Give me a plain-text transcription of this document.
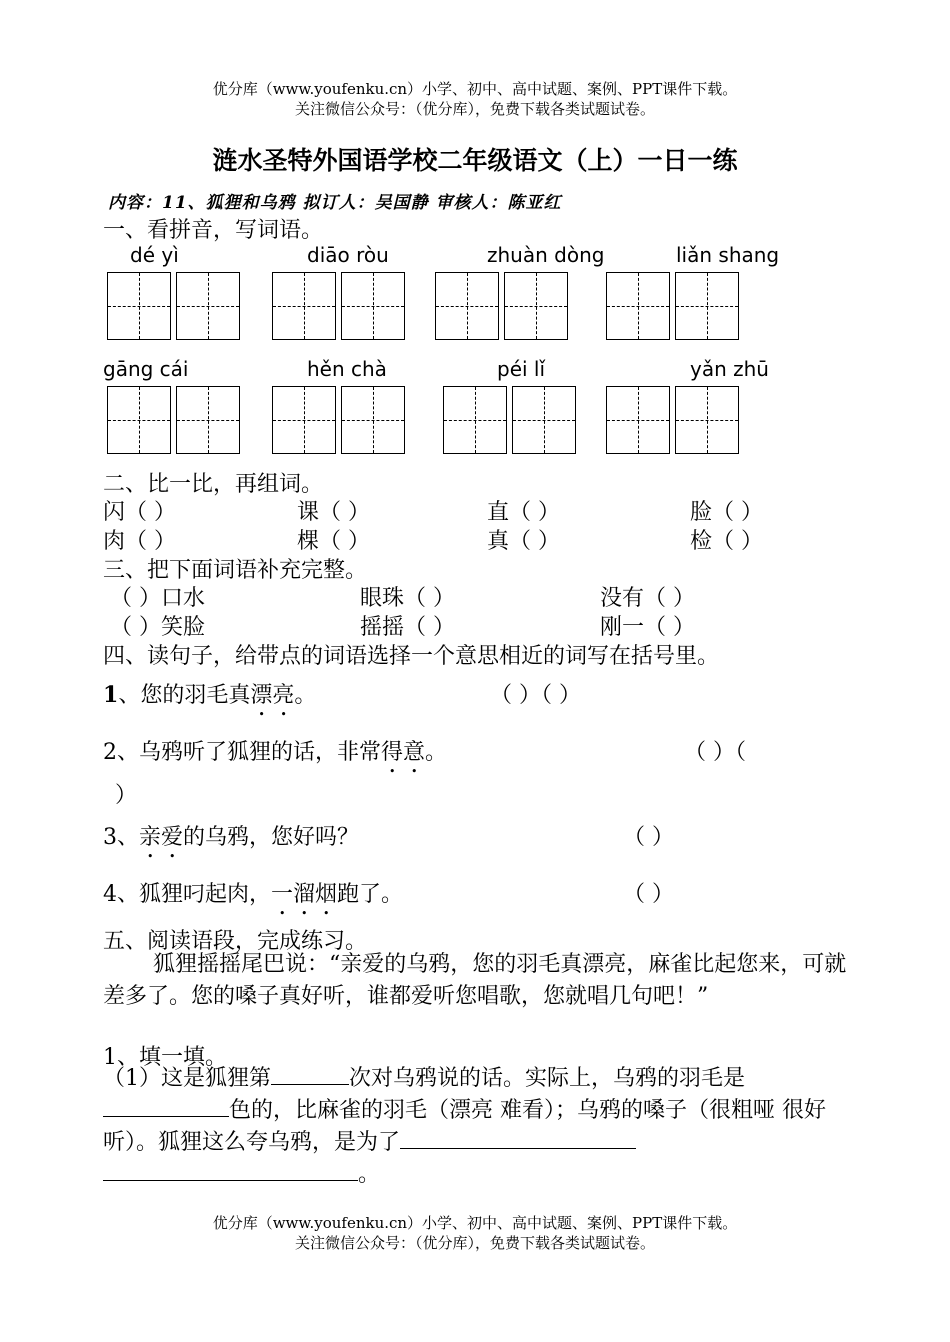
优分库（www.youfenku.cn）小学、初中、高中试题、案例、PPT课件下载。
关注微信公众号：（优分库），免费下载各类试题试卷。
涟水圣特外国语学校二年级语文（上）一日一练
内容：11、狐狸和乌鸦 拟订人：吴国静 审核人：陈亚红
一、看拼音，写词语。
dé yì	diāo ròu	zhuàn dòng	liǎn shang
gāng cái	hěn chà	péi lǐ	yǎn zhū
二、比一比，再组词。
闪（ ）	课（ ）	直（ ）	脸（ ）
肉（ ）	棵（ ）	真（ ）	检（ ）
三、把下面词语补充完整。
（ ）口水	眼珠（ ）	没有（ ）
（ ）笑脸	摇摇（ ）	刚一（ ）
四、读句子，给带点的词语选择一个意思相近的词写在括号里。
1、您的羽毛真漂亮。	（ ）（ ）
2、乌鸦听了狐狸的话，非常得意。	（ ）（
）
3、亲爱的乌鸦，您好吗？	（ ）
4、狐狸叼起肉，一溜烟跑了。	（ ）
五、阅读语段，完成练习。
狐狸摇摇尾巴说：“亲爱的乌鸦，您的羽毛真漂亮，麻雀比起您来，可就差多了。您的嗓子真好听，谁都爱听您唱歌，您就唱几句吧！”
1、填一填。
（1）这是狐狸第	次对乌鸦说的话。实际上，乌鸦的羽毛是
色的，比麻雀的羽毛（漂亮 难看）；乌鸦的嗓子（很粗哑 很好听）。狐狸这么夸乌鸦，是为了
。
优分库（www.youfenku.cn）小学、初中、高中试题、案例、PPT课件下载。
关注微信公众号：（优分库），免费下载各类试题试卷。
